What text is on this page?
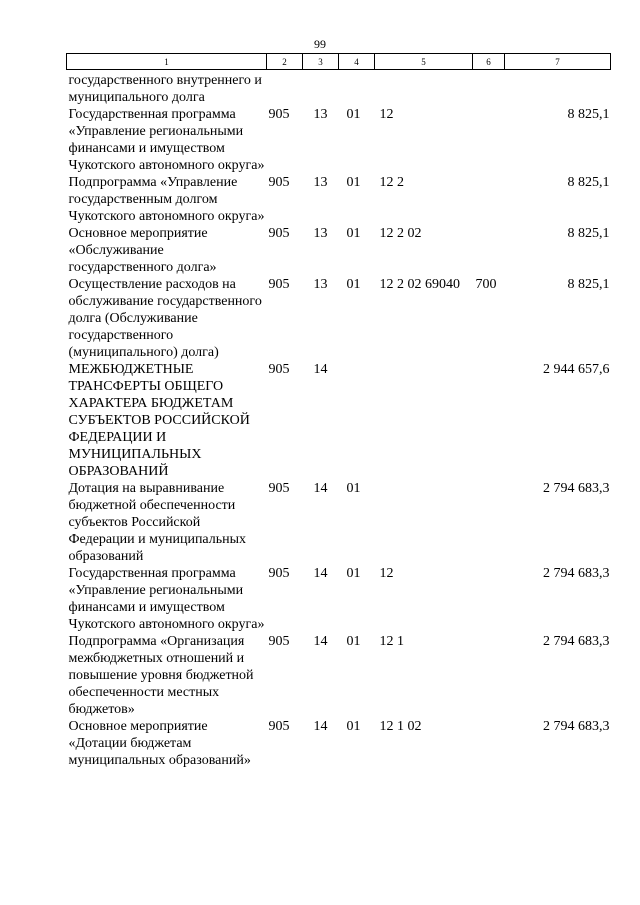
99
1	2	3	4	5	6	7
государственного внутреннего и муниципального долга						
Государственная программа «Управление региональными финансами и имуществом Чукотского автономного округа»	905	13	01	12		8 825,1
Подпрограмма «Управление государственным долгом Чукотского автономного округа»	905	13	01	12 2		8 825,1
Основное мероприятие «Обслуживание государственного долга»	905	13	01	12 2 02		8 825,1
Осуществление расходов на обслуживание государственного долга (Обслуживание государственного (муниципального) долга)	905	13	01	12 2 02 69040	700	8 825,1
МЕЖБЮДЖЕТНЫЕ ТРАНСФЕРТЫ ОБЩЕГО ХАРАКТЕРА БЮДЖЕТАМ СУБЪЕКТОВ РОССИЙСКОЙ ФЕДЕРАЦИИ И МУНИЦИПАЛЬНЫХ ОБРАЗОВАНИЙ	905	14				2 944 657,6
Дотация на выравнивание бюджетной обеспеченности субъектов Российской Федерации и муниципальных образований	905	14	01			2 794 683,3
Государственная программа «Управление региональными финансами и имуществом Чукотского автономного округа»	905	14	01	12		2 794 683,3
Подпрограмма «Организация межбюджетных отношений и повышение уровня бюджетной обеспеченности местных бюджетов»	905	14	01	12 1		2 794 683,3
Основное мероприятие «Дотации бюджетам муниципальных образований»	905	14	01	12 1 02		2 794 683,3
